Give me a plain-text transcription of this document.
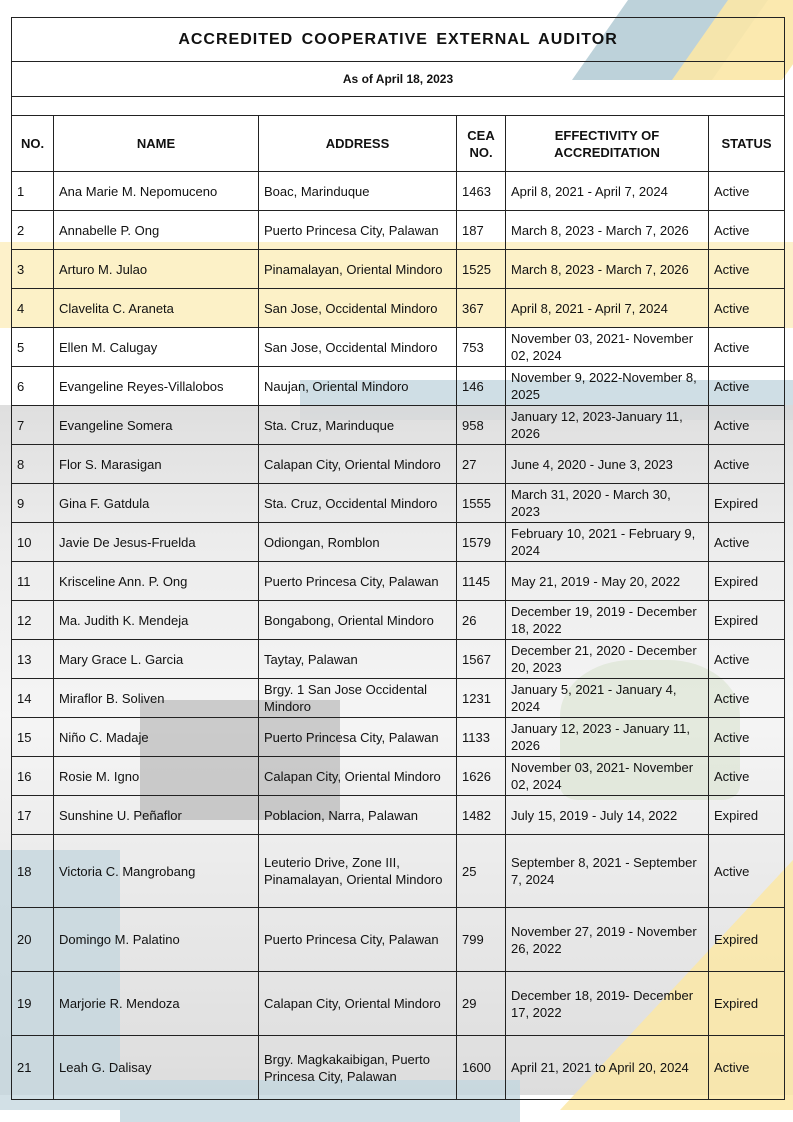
ACCREDITED COOPERATIVE EXTERNAL AUDITOR					
As of April 18, 2023					

NO.	NAME	ADDRESS	CEA NO.	EFFECTIVITY OF ACCREDITATION	STATUS
1	Ana Marie M. Nepomuceno	Boac, Marinduque	1463	April 8, 2021 - April 7, 2024	Active
2	Annabelle P. Ong	Puerto Princesa City, Palawan	187	March 8, 2023 - March 7, 2026	Active
3	Arturo M. Julao	Pinamalayan, Oriental Mindoro	1525	March 8, 2023 - March 7, 2026	Active
4	Clavelita C. Araneta	San Jose, Occidental Mindoro	367	April 8, 2021 - April 7, 2024	Active
5	Ellen M. Calugay	San Jose, Occidental Mindoro	753	November 03, 2021- November 02, 2024	Active
6	Evangeline Reyes-Villalobos	Naujan, Oriental Mindoro	146	November 9, 2022-November 8, 2025	Active
7	Evangeline Somera	Sta. Cruz, Marinduque	958	January 12, 2023-January 11, 2026	Active
8	Flor S. Marasigan	Calapan City, Oriental Mindoro	27	June 4, 2020 - June 3, 2023	Active
9	Gina F. Gatdula	Sta. Cruz, Occidental Mindoro	1555	March 31, 2020 - March 30, 2023	Expired
10	Javie De Jesus-Fruelda	Odiongan, Romblon	1579	February 10, 2021 - February 9, 2024	Active
11	Krisceline Ann. P. Ong	Puerto Princesa City, Palawan	1145	May 21, 2019 - May 20, 2022	Expired
12	Ma. Judith K. Mendeja	Bongabong, Oriental Mindoro	26	December 19, 2019 - December 18, 2022	Expired
13	Mary Grace L. Garcia	Taytay, Palawan	1567	December 21, 2020 - December 20, 2023	Active
14	Miraflor B. Soliven	Brgy. 1 San Jose Occidental Mindoro	1231	January 5, 2021 - January 4, 2024	Active
15	Niño C. Madaje	Puerto Princesa City, Palawan	1133	January 12, 2023 - January 11, 2026	Active
16	Rosie M. Igno	Calapan City, Oriental Mindoro	1626	November 03, 2021- November 02, 2024	Active
17	Sunshine U. Peñaflor	Poblacion, Narra, Palawan	1482	July 15, 2019 - July 14, 2022	Expired
18	Victoria C. Mangrobang	Leuterio Drive, Zone III, Pinamalayan, Oriental Mindoro	25	September 8, 2021 - September 7, 2024	Active
20	Domingo M. Palatino	Puerto Princesa City, Palawan	799	November 27, 2019 - November 26, 2022	Expired
19	Marjorie R. Mendoza	Calapan City, Oriental Mindoro	29	December 18, 2019- December 17, 2022	Expired
21	Leah G. Dalisay	Brgy. Magkakaibigan, Puerto Princesa City, Palawan	1600	April 21, 2021 to April 20, 2024	Active
